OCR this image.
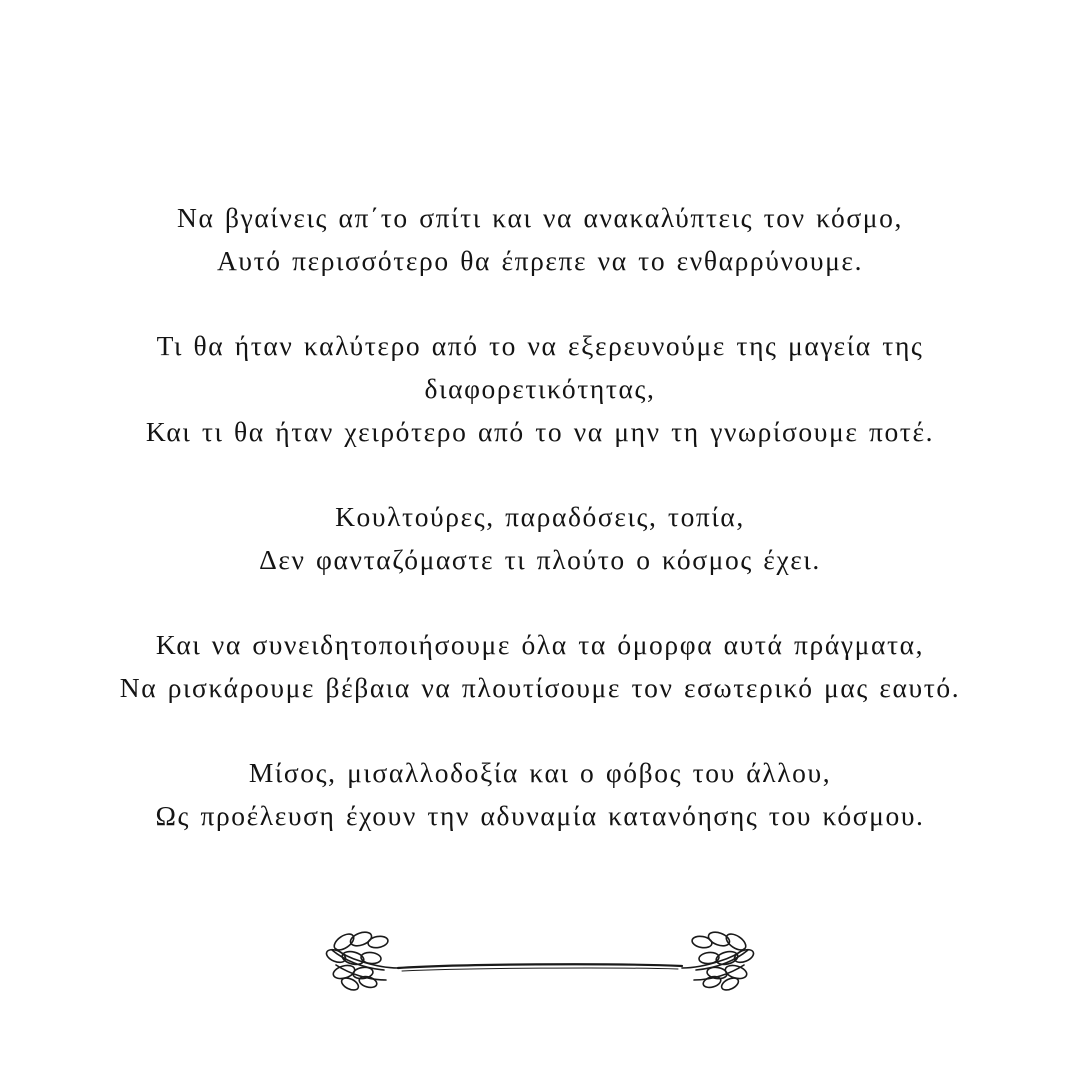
Να βγαίνεις απ΄το σπίτι και να ανακαλύπτεις τον κόσμο,
Αυτό περισσότερο θα έπρεπε να το ενθαρρύνουμε.
Τι θα ήταν καλύτερο από το να εξερευνούμε της μαγεία της
διαφορετικότητας,
Και τι θα ήταν χειρότερο από το να μην τη γνωρίσουμε ποτέ.
Κουλτούρες, παραδόσεις, τοπία,
Δεν φανταζόμαστε τι πλούτο ο κόσμος έχει.
Και να συνειδητοποιήσουμε όλα τα όμορφα αυτά πράγματα,
Να ρισκάρουμε βέβαια να πλουτίσουμε τον εσωτερικό μας εαυτό.
Μίσος, μισαλλοδοξία και ο φόβος του άλλου,
Ως προέλευση έχουν την αδυναμία κατανόησης του κόσμου.
